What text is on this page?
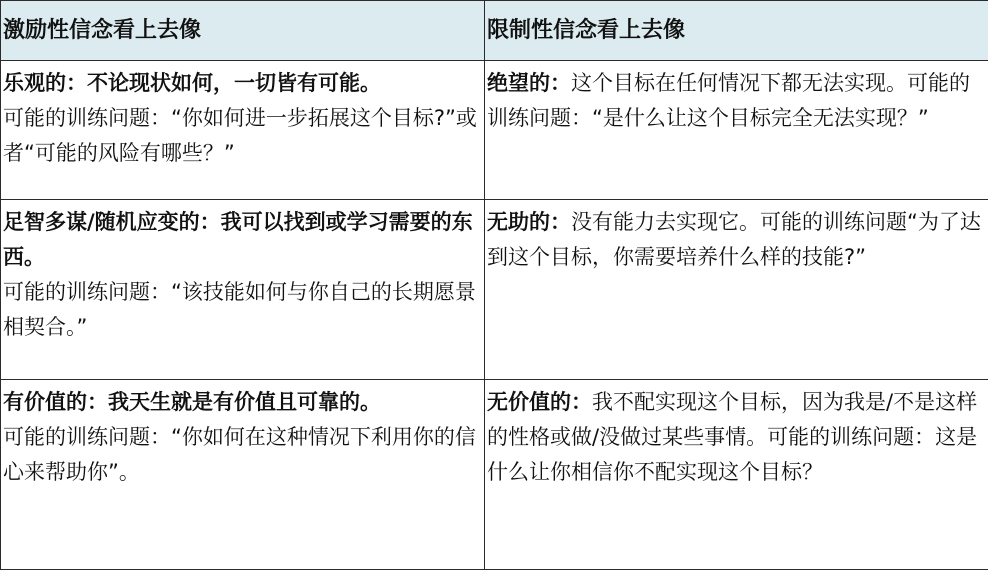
激励性信念看上去像	限制性信念看上去像
乐观的：不论现状如何，一切皆有可能。
可能的训练问题：“你如何进一步拓展这个目标?”或者“可能的风险有哪些？”	绝望的：这个目标在任何情况下都无法实现。可能的训练问题：“是什么让这个目标完全无法实现？”
足智多谋/随机应变的：我可以找到或学习需要的东西。
可能的训练问题：“该技能如何与你自己的长期愿景相契合。”	无助的：没有能力去实现它。可能的训练问题“为了达到这个目标，你需要培养什么样的技能?”
有价值的：我天生就是有价值且可靠的。
可能的训练问题：“你如何在这种情况下利用你的信心来帮助你”。	无价值的：我不配实现这个目标，因为我是/不是这样的性格或做/没做过某些事情。可能的训练问题：这是什么让你相信你不配实现这个目标？
